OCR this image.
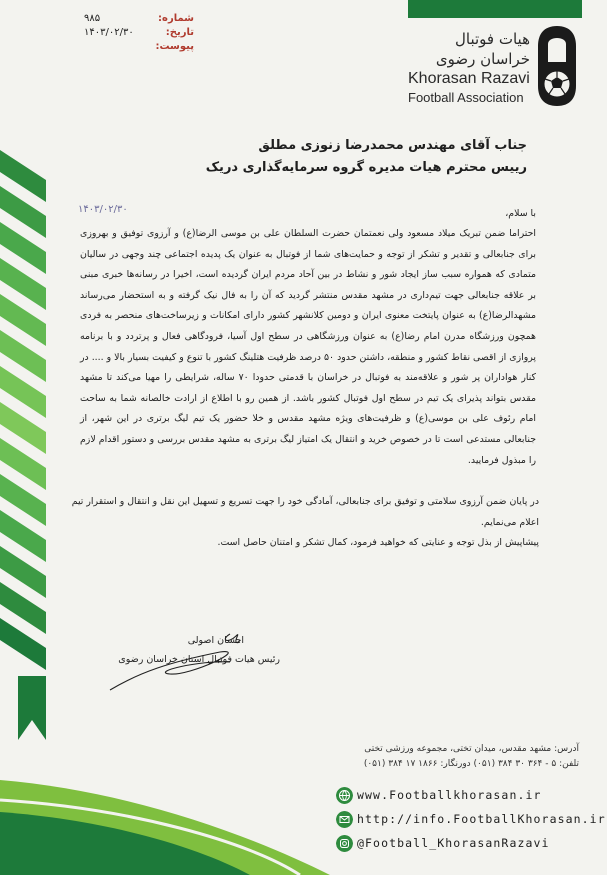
هیات فوتبال
خراسان رضوی
Khorasan Razavi
Football Association
شماره:
۹۸۵
تاریخ:
۱۴۰۳/۰۲/۳۰
پیوست:
جناب آقای مهندس محمدرضا زنوزی مطلق
رییس محترم هیات مدیره گروه سرمایه‌گذاری دریک
۱۴۰۳/۰۲/۳۰	با سلام،

احتراما ضمن تبریک میلاد مسعود ولی نعمتمان حضرت السلطان علی بن موسی الرضا(ع) و آرزوی توفیق و بهروزی برای جنابعالی و تقدیر و تشکر از توجه و حمایت‌های شما از فوتبال به عنوان یک پدیده اجتماعی چند وجهی در سالیان متمادی که همواره سبب ساز ایجاد شور و نشاط در بین آحاد مردم ایران گردیده است، اخیرا در رسانه‌ها خبری مبنی بر علاقه جنابعالی جهت تیم‌داری در مشهد مقدس منتشر گردید که آن را به فال نیک گرفته و به استحضار می‌رساند مشهدالرضا(ع) به عنوان پایتخت معنوی ایران و دومین کلانشهر کشور دارای امکانات و زیرساخت‌های منحصر به فردی همچون ورزشگاه مدرن امام رضا(ع) به عنوان ورزشگاهی در سطح اول آسیا، فرودگاهی فعال و پرتردد و با برنامه پروازی از اقصی نقاط کشور و منطقه، داشتن حدود ۵۰ درصد ظرفیت هتلینگ کشور با تنوع و کیفیت بسیار بالا و .... در کنار هواداران پر شور و علاقه‌مند به فوتبال در خراسان با قدمتی حدودا ۷۰ ساله، شرایطی را مهیا می‌کند تا مشهد مقدس بتواند پذیرای یک تیم در سطح اول فوتبال کشور باشد. از همین رو با اطلاع از ارادت خالصانه شما به ساحت امام رئوف علی بن موسی(ع) و ظرفیت‌های ویژه مشهد مقدس و خلا حضور یک تیم لیگ برتری در این شهر، از جنابعالی مستدعی است تا در خصوص خرید و انتقال یک امتیاز لیگ برتری به مشهد مقدس بررسی و دستور اقدام لازم را مبذول فرمایید.

در پایان ضمن آرزوی سلامتی و توفیق برای جنابعالی، آمادگی خود را جهت تسریع و تسهیل این نقل و انتقال و استقرار تیم اعلام می‌نمایم.

پیشاپیش از بذل توجه و عنایتی که خواهید فرمود، کمال تشکر و امتنان حاصل است.

احسان اصولی
رئیس هیات فوتبال استان خراسان رضوی
آدرس: مشهد مقدس، میدان تختی، مجموعه ورزشی تختی
تلفن: ۵ - ۳۶۴ ۳۰ ۳۸۴ (۰۵۱) دورنگار: ۱۸۶۶ ۱۷ ۳۸۴ (۰۵۱)
www.Footballkhorasan.ir
http://info.FootballKhorasan.ir
@Football_KhorasanRazavi
